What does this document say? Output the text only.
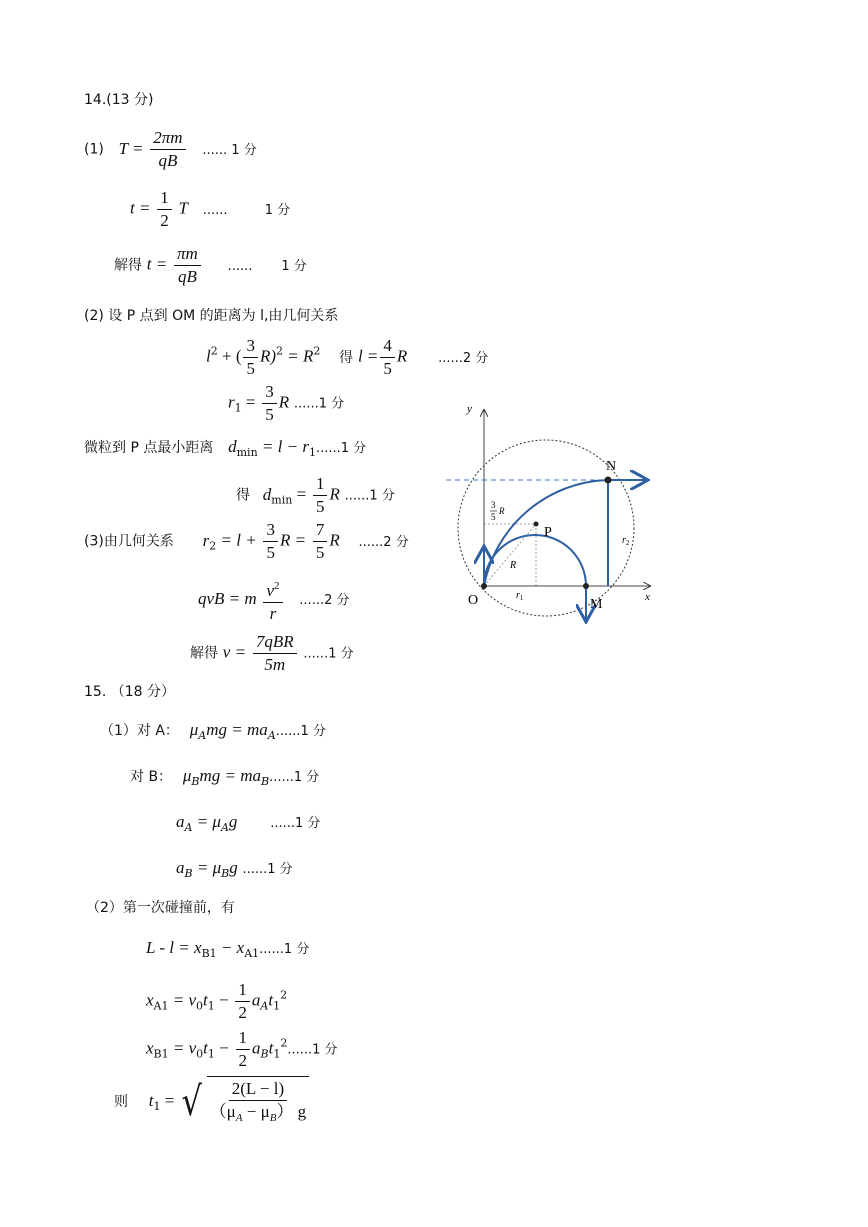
14.(13 分)
(1) $T = \frac{2\pi m}{qB}$ ...... 1 分
$t = \frac{1}{2}$ T ......         1 分
解得 $t = \frac{\pi m}{qB}$ ......       1 分
(2) 设 P 点到 OM 的距离为 l,由几何关系
$l^2$ + ( $\frac{3}{5} R)^2 = R^2$ 得 $l = \frac{4}{5}$ R ......2 分
$r_1 = \frac{3}{5}$ R ......1 分
微粒到 P 点最小距离 $d_{min} = l - r_1......1$ 分
得 $d_{min} = \frac{1}{5}$ R ......1 分
(3)由几何关系 $r_2 = l + \frac{3}{5}$ $R = \frac{7}{5}$ R ......2 分
qvB = m $\frac{v^2}{r} ......2$ 分
解得 $v = \frac{\text{7qBR}}{5m} ......1$ 分
15. （18 分）
（1）对 A： $\mu_Amg = ma_A......1$ 分
对 B： $\mu_Bmg = ma_B......1$ 分
$a_A = \mu_Ag$	......1 分
$a_B = \mu_Bg$ ......1 分
（2）第一次碰撞前，有
$L - l = x_{B1} - x_{A1}......1$ 分
$x_{A1} = v_0t_1 - \frac{1}{2} a_At_1^2$
$x_{B1} = v_0t_1 - \frac{1}{2} a_Bt_1^2......1$ 分
则 $t_1$ = √ $\frac{2(L - l)}{(\mu_A - \mu_B) g}$
y
x
O	M
N
P
R
$r_1$
$r_2$
3
5
R
